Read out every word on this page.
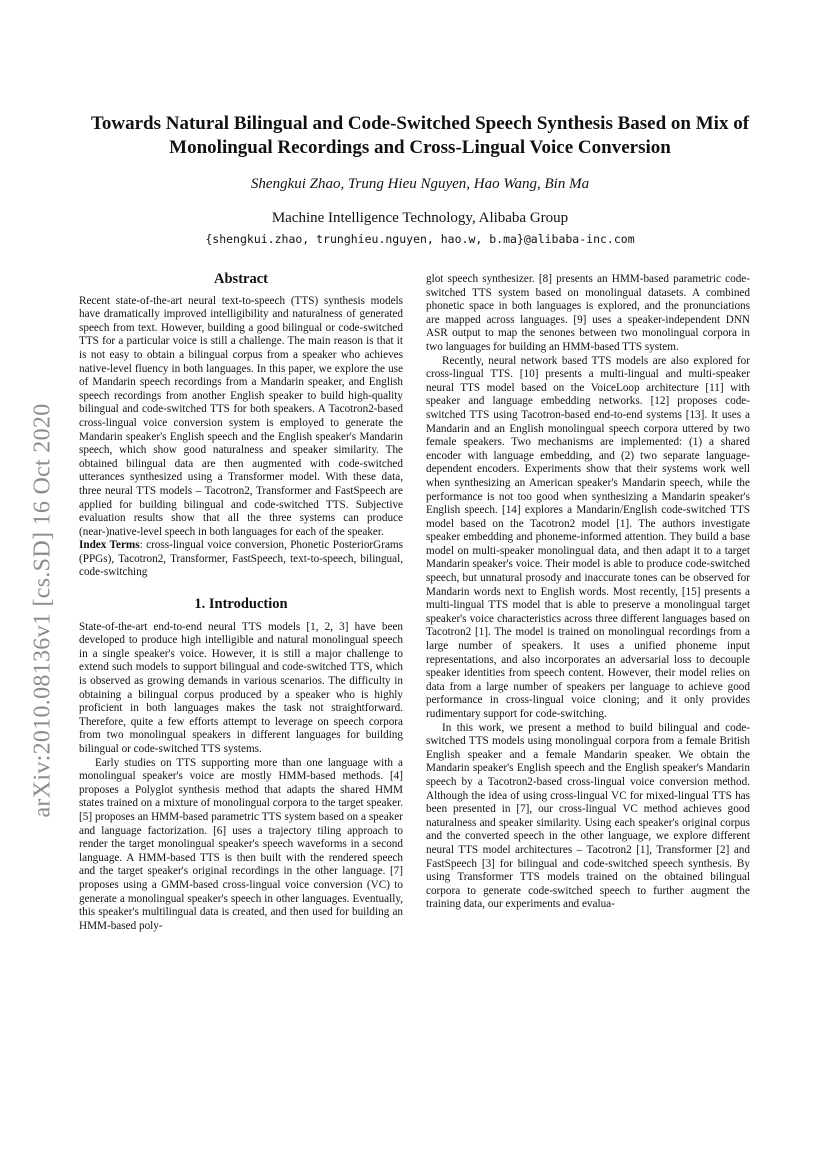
arXiv:2010.08136v1 [cs.SD] 16 Oct 2020
Towards Natural Bilingual and Code-Switched Speech Synthesis Based on Mix of Monolingual Recordings and Cross-Lingual Voice Conversion

Shengkui Zhao, Trung Hieu Nguyen, Hao Wang, Bin Ma

Machine Intelligence Technology, Alibaba Group

{shengkui.zhao, trunghieu.nguyen, hao.w, b.ma}@alibaba-inc.com

Abstract

Recent state-of-the-art neural text-to-speech (TTS) synthesis models have dramatically improved intelligibility and naturalness of generated speech from text. However, building a good bilingual or code-switched TTS for a particular voice is still a challenge. The main reason is that it is not easy to obtain a bilingual corpus from a speaker who achieves native-level fluency in both languages. In this paper, we explore the use of Mandarin speech recordings from a Mandarin speaker, and English speech recordings from another English speaker to build high-quality bilingual and code-switched TTS for both speakers. A Tacotron2-based cross-lingual voice conversion system is employed to generate the Mandarin speaker's English speech and the English speaker's Mandarin speech, which show good naturalness and speaker similarity. The obtained bilingual data are then augmented with code-switched utterances synthesized using a Transformer model. With these data, three neural TTS models – Tacotron2, Transformer and FastSpeech are applied for building bilingual and code-switched TTS. Subjective evaluation results show that all the three systems can produce (near-)native-level speech in both languages for each of the speaker.

Index Terms: cross-lingual voice conversion, Phonetic PosteriorGrams (PPGs), Tacotron2, Transformer, FastSpeech, text-to-speech, bilingual, code-switching

1. Introduction

State-of-the-art end-to-end neural TTS models [1, 2, 3] have been developed to produce high intelligible and natural monolingual speech in a single speaker's voice. However, it is still a major challenge to extend such models to support bilingual and code-switched TTS, which is observed as growing demands in various scenarios. The difficulty in obtaining a bilingual corpus produced by a speaker who is highly proficient in both languages makes the task not straightforward. Therefore, quite a few efforts attempt to leverage on speech corpora from two monolingual speakers in different languages for building bilingual or code-switched TTS systems.

Early studies on TTS supporting more than one language with a monolingual speaker's voice are mostly HMM-based methods. [4] proposes a Polyglot synthesis method that adapts the shared HMM states trained on a mixture of monolingual corpora to the target speaker. [5] proposes an HMM-based parametric TTS system based on a speaker and language factorization. [6] uses a trajectory tiling approach to render the target monolingual speaker's speech waveforms in a second language. A HMM-based TTS is then built with the rendered speech and the target speaker's original recordings in the other language. [7] proposes using a GMM-based cross-lingual voice conversion (VC) to generate a monolingual speaker's speech in other languages. Eventually, this speaker's multilingual data is created, and then used for building an HMM-based poly-

glot speech synthesizer. [8] presents an HMM-based parametric code-switched TTS system based on monolingual datasets. A combined phonetic space in both languages is explored, and the pronunciations are mapped across languages. [9] uses a speaker-independent DNN ASR output to map the senones between two monolingual corpora in two languages for building an HMM-based TTS system.

Recently, neural network based TTS models are also explored for cross-lingual TTS. [10] presents a multi-lingual and multi-speaker neural TTS model based on the VoiceLoop architecture [11] with speaker and language embedding networks. [12] proposes code-switched TTS using Tacotron-based end-to-end systems [13]. It uses a Mandarin and an English monolingual speech corpora uttered by two female speakers. Two mechanisms are implemented: (1) a shared encoder with language embedding, and (2) two separate language-dependent encoders. Experiments show that their systems work well when synthesizing an American speaker's Mandarin speech, while the performance is not too good when synthesizing a Mandarin speaker's English speech. [14] explores a Mandarin/English code-switched TTS model based on the Tacotron2 model [1]. The authors investigate speaker embedding and phoneme-informed attention. They build a base model on multi-speaker monolingual data, and then adapt it to a target Mandarin speaker's voice. Their model is able to produce code-switched speech, but unnatural prosody and inaccurate tones can be observed for Mandarin words next to English words. Most recently, [15] presents a multi-lingual TTS model that is able to preserve a monolingual target speaker's voice characteristics across three different languages based on Tacotron2 [1]. The model is trained on monolingual recordings from a large number of speakers. It uses a unified phoneme input representations, and also incorporates an adversarial loss to decouple speaker identities from speech content. However, their model relies on data from a large number of speakers per language to achieve good performance in cross-lingual voice cloning; and it only provides rudimentary support for code-switching.

In this work, we present a method to build bilingual and code-switched TTS models using monolingual corpora from a female British English speaker and a female Mandarin speaker. We obtain the Mandarin speaker's English speech and the English speaker's Mandarin speech by a Tacotron2-based cross-lingual voice conversion method. Although the idea of using cross-lingual VC for mixed-lingual TTS has been presented in [7], our cross-lingual VC method achieves good naturalness and speaker similarity. Using each speaker's original corpus and the converted speech in the other language, we explore different neural TTS model architectures – Tacotron2 [1], Transformer [2] and FastSpeech [3] for bilingual and code-switched speech synthesis. By using Transformer TTS models trained on the obtained bilingual corpora to generate code-switched speech to further augment the training data, our experiments and evalua-
